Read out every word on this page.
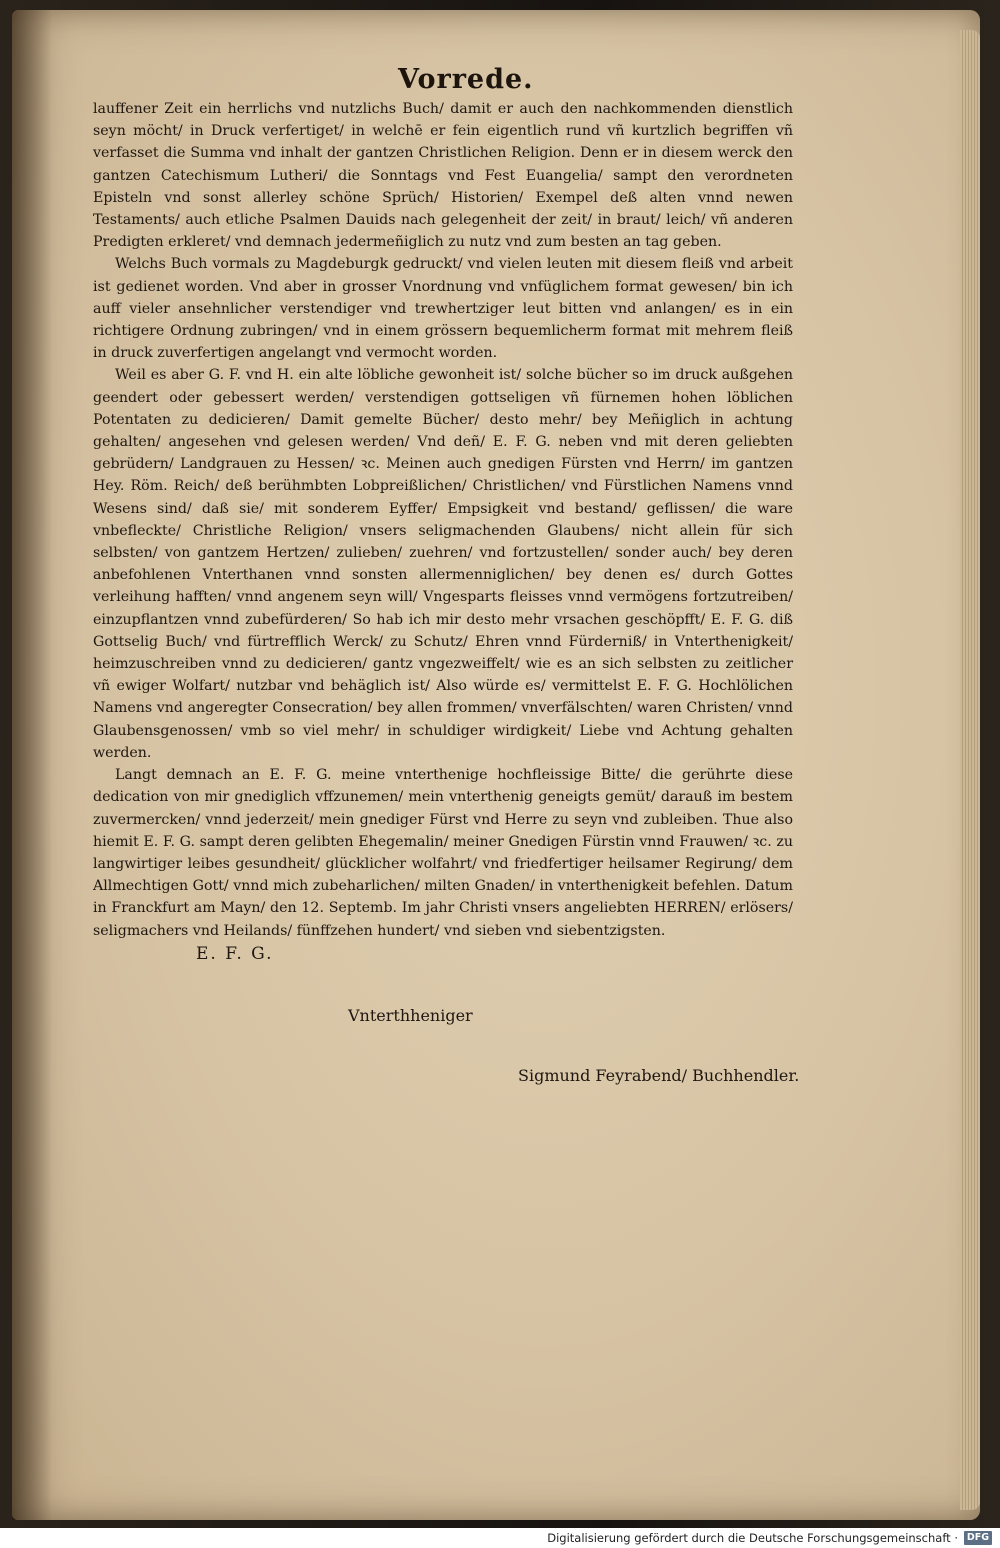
Vorrede.

lauffener Zeit ein herrlichs vnd nutzlichs Buch/ damit er auch den nachkommenden dienstlich seyn möcht/ in Druck verfertiget/ in welchē er fein eigentlich rund vñ kurtzlich begriffen vñ verfasset die Summa vnd inhalt der gantzen Christlichen Religion. Denn er in diesem werck den gantzen Catechismum Lutheri/ die Sonntags vnd Fest Euangelia/ sampt den verordneten Episteln vnd sonst allerley schöne Sprüch/ Historien/ Exempel deß alten vnnd newen Testaments/ auch etliche Psalmen Dauids nach gelegenheit der zeit/ in braut/ leich/ vñ anderen Predigten erkleret/ vnd demnach jedermeñiglich zu nutz vnd zum besten an tag geben.

Welchs Buch vormals zu Magdeburgk gedruckt/ vnd vielen leuten mit diesem fleiß vnd arbeit ist gedienet worden. Vnd aber in grosser Vnordnung vnd vnfüglichem format gewesen/ bin ich auff vieler ansehnlicher verstendiger vnd trewhertziger leut bitten vnd anlangen/ es in ein richtigere Ordnung zubringen/ vnd in einem grössern bequemlicherm format mit mehrem fleiß in druck zuverfertigen angelangt vnd vermocht worden.

Weil es aber G. F. vnd H. ein alte löbliche gewonheit ist/ solche bücher so im druck außgehen geendert oder gebessert werden/ verstendigen gottseligen vñ fürnemen hohen löblichen Potentaten zu dedicieren/ Damit gemelte Bücher/ desto mehr/ bey Meñiglich in achtung gehalten/ angesehen vnd gelesen werden/ Vnd deñ/ E. F. G. neben vnd mit deren geliebten gebrüdern/ Landgrauen zu Hessen/ ꝛc. Meinen auch gnedigen Fürsten vnd Herrn/ im gantzen Hey. Röm. Reich/ deß berühmbten Lobpreißlichen/ Christlichen/ vnd Fürstlichen Namens vnnd Wesens sind/ daß sie/ mit sonderem Eyffer/ Empsigkeit vnd bestand/ geflissen/ die ware vnbefleckte/ Christliche Religion/ vnsers seligmachenden Glaubens/ nicht allein für sich selbsten/ von gantzem Hertzen/ zulieben/ zuehren/ vnd fortzustellen/ sonder auch/ bey deren anbefohlenen Vnterthanen vnnd sonsten allermenniglichen/ bey denen es/ durch Gottes verleihung hafften/ vnnd angenem seyn will/ Vngesparts fleisses vnnd vermögens fortzutreiben/ einzupflantzen vnnd zubefürderen/ So hab ich mir desto mehr vrsachen geschöpfft/ E. F. G. diß Gottselig Buch/ vnd fürtrefflich Werck/ zu Schutz/ Ehren vnnd Fürderniß/ in Vnterthenigkeit/ heimzuschreiben vnnd zu dedicieren/ gantz vngezweiffelt/ wie es an sich selbsten zu zeitlicher vñ ewiger Wolfart/ nutzbar vnd behäglich ist/ Also würde es/ vermittelst E. F. G. Hochlölichen Namens vnd angeregter Consecration/ bey allen frommen/ vnverfälschten/ waren Christen/ vnnd Glaubensgenossen/ vmb so viel mehr/ in schuldiger wirdigkeit/ Liebe vnd Achtung gehalten werden.

Langt demnach an E. F. G. meine vnterthenige hochfleissige Bitte/ die gerührte diese dedication von mir gnediglich vffzunemen/ mein vnterthenig geneigts gemüt/ darauß im bestem zuvermercken/ vnnd jederzeit/ mein gnediger Fürst vnd Herre zu seyn vnd zubleiben. Thue also hiemit E. F. G. sampt deren gelibten Ehegemalin/ meiner Gnedigen Fürstin vnnd Frauwen/ ꝛc. zu langwirtiger leibes gesundheit/ glücklicher wolfahrt/ vnd friedfertiger heilsamer Regirung/ dem Allmechtigen Gott/ vnnd mich zubeharlichen/ milten Gnaden/ in vnterthenigkeit befehlen. Datum in Franckfurt am Mayn/ den 12. Septemb. Im jahr Christi vnsers angeliebten HERREN/ erlösers/ seligmachers vnd Heilands/ fünffzehen hundert/ vnd sieben vnd siebentzigsten.

E. F. G.
Vnterthheniger
Sigmund Feyrabend/ Buchhendler.
Digitalisierung gefördert durch die Deutsche Forschungsgemeinschaft · DFG
